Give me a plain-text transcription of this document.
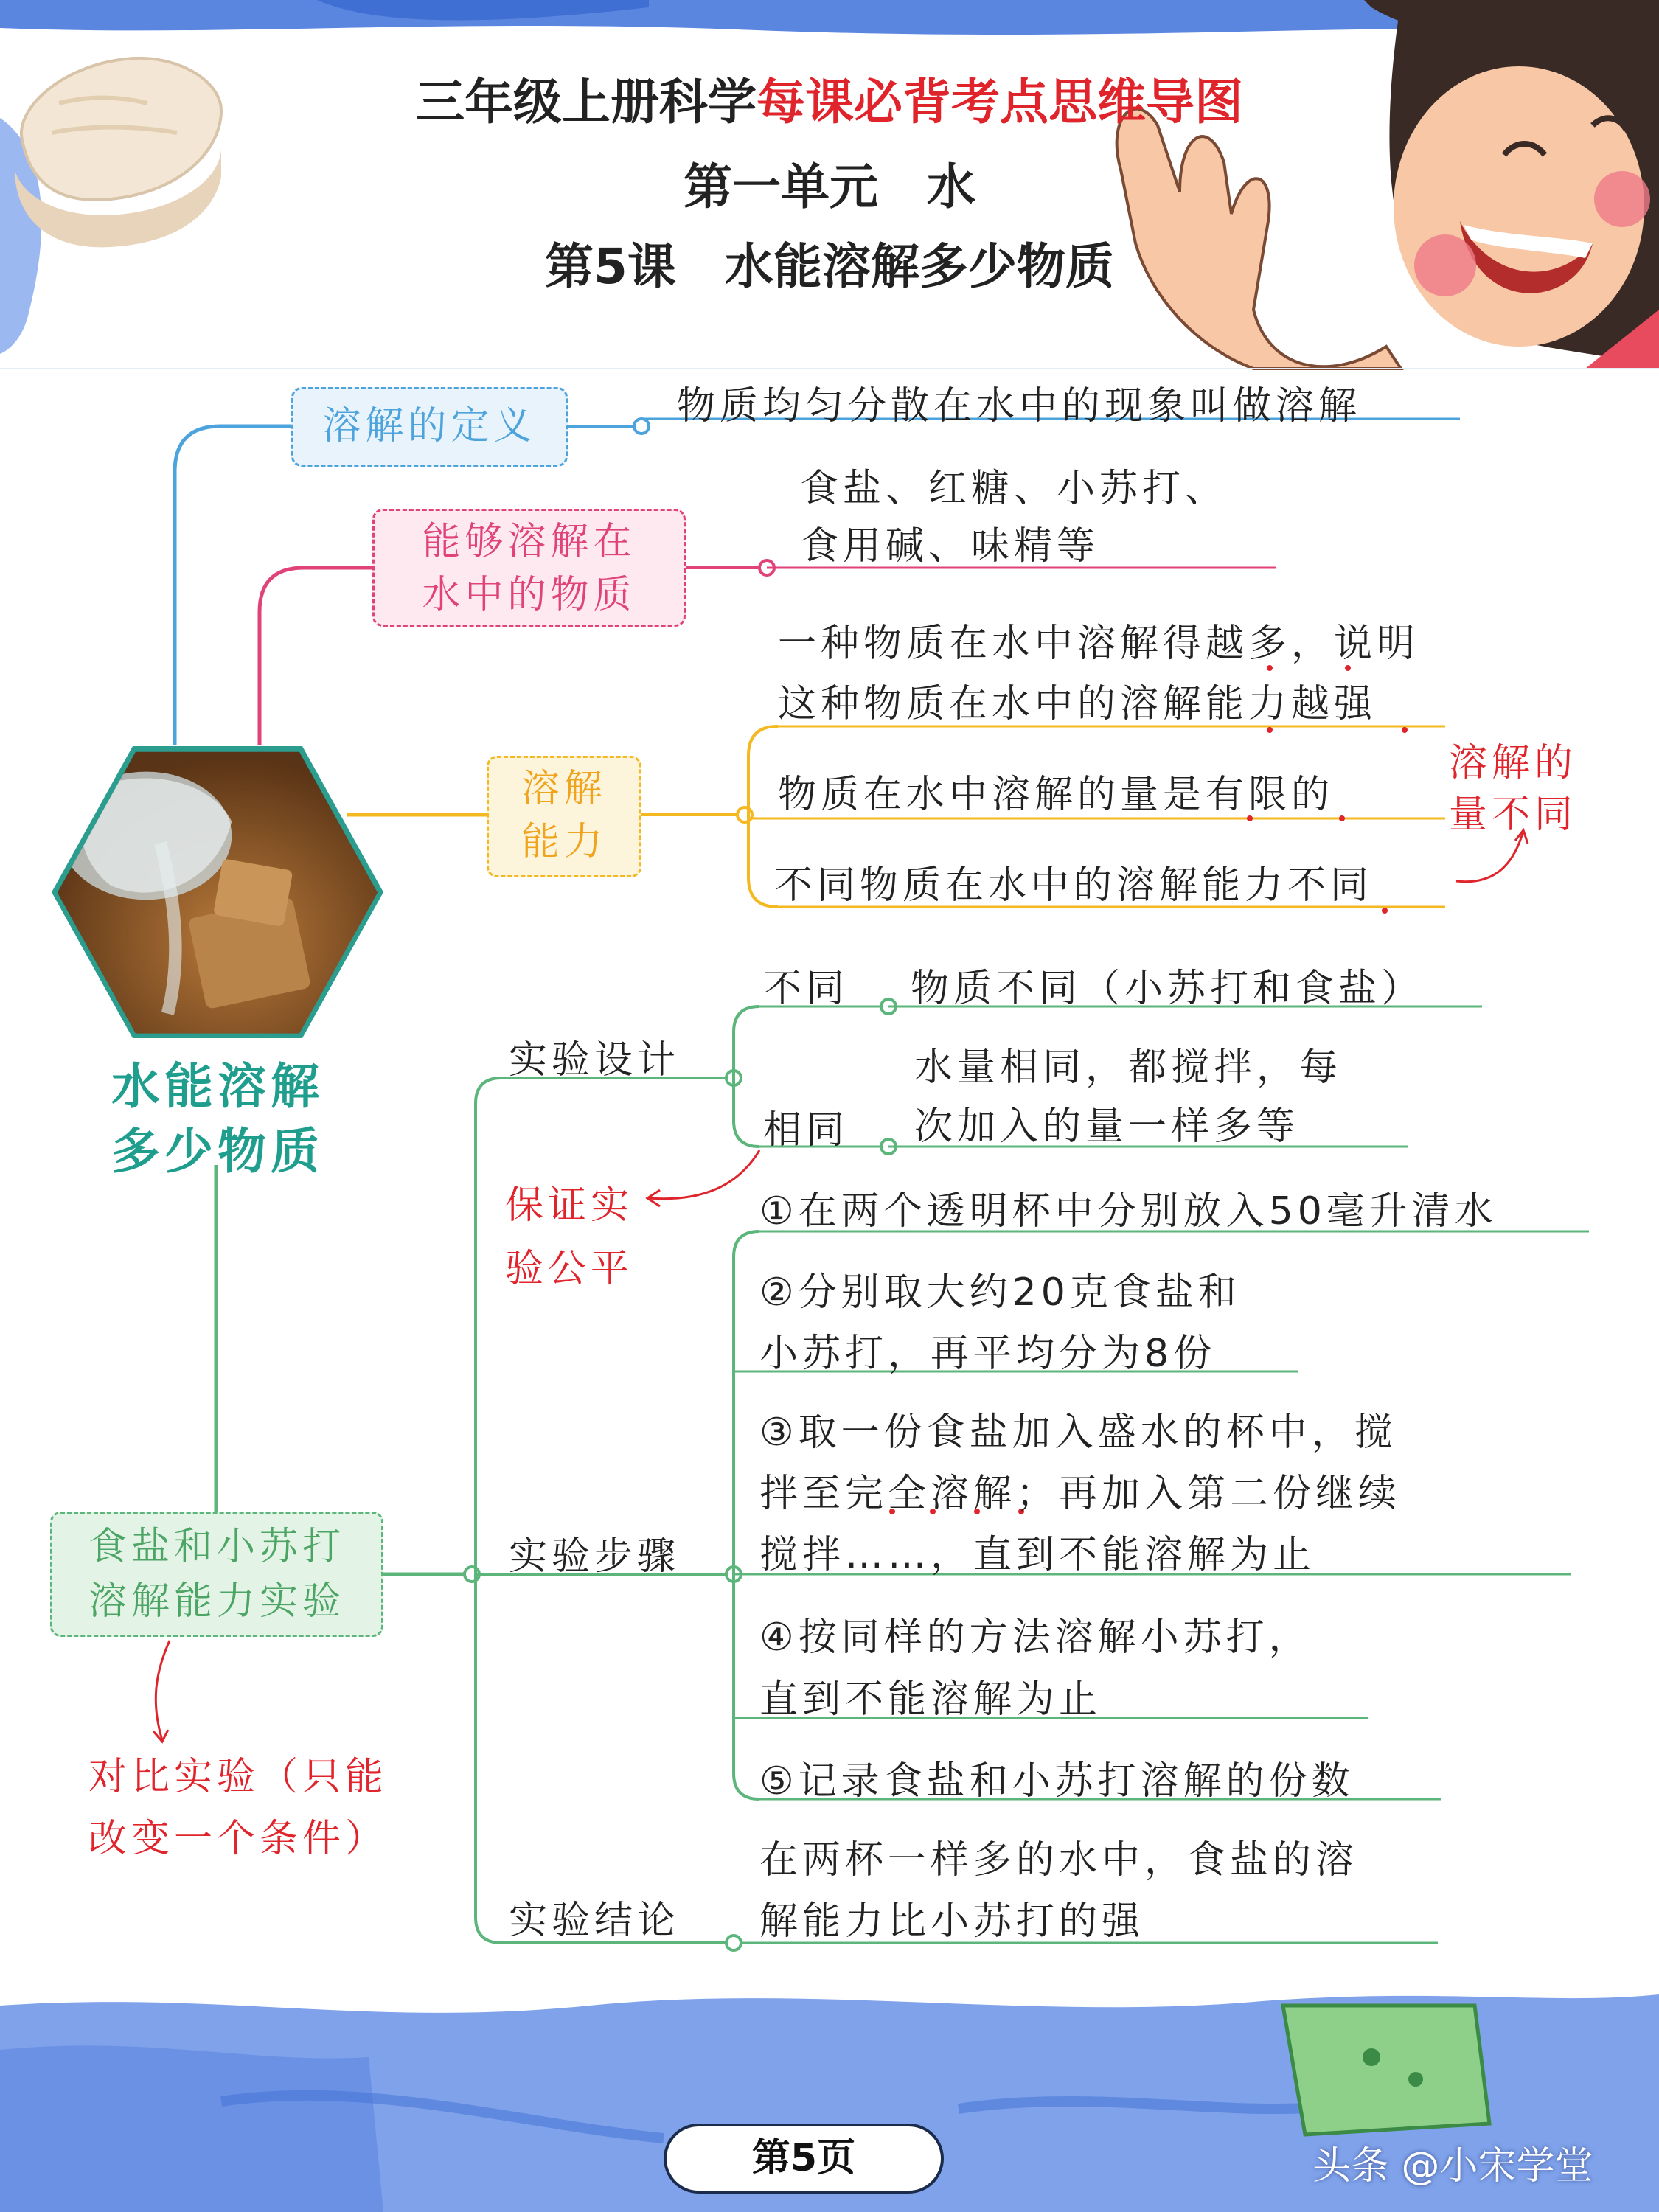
三年级上册科学每课必背考点思维导图
第一单元　水
第5课　水能溶解多少物质
水能溶解
多少物质
溶解的定义	物质均匀分散在水中的现象叫做溶解
能够溶解在
水中的物质
食盐、红糖、小苏打、
食用碱、味精等
溶解
能力
一种物质在水中溶解得越多，说明
这种物质在水中的溶解能力越强
物质在水中溶解的量是有限的
不同物质在水中的溶解能力不同
溶解的
量不同
食盐和小苏打
溶解能力实验
对比实验（只能
改变一个条件）
实验设计
不同 物质不同（小苏打和食盐）
相同
水量相同，都搅拌，每
次加入的量一样多等
保证实
验公平
实验步骤
①在两个透明杯中分别放入50毫升清水
②分别取大约20克食盐和
小苏打，再平均分为8份
③取一份食盐加入盛水的杯中，搅
拌至完全溶解；再加入第二份继续
搅拌……，直到不能溶解为止
④按同样的方法溶解小苏打，
直到不能溶解为止
⑤记录食盐和小苏打溶解的份数
实验结论
在两杯一样多的水中，食盐的溶
解能力比小苏打的强
第5页	头条 @小宋学堂
